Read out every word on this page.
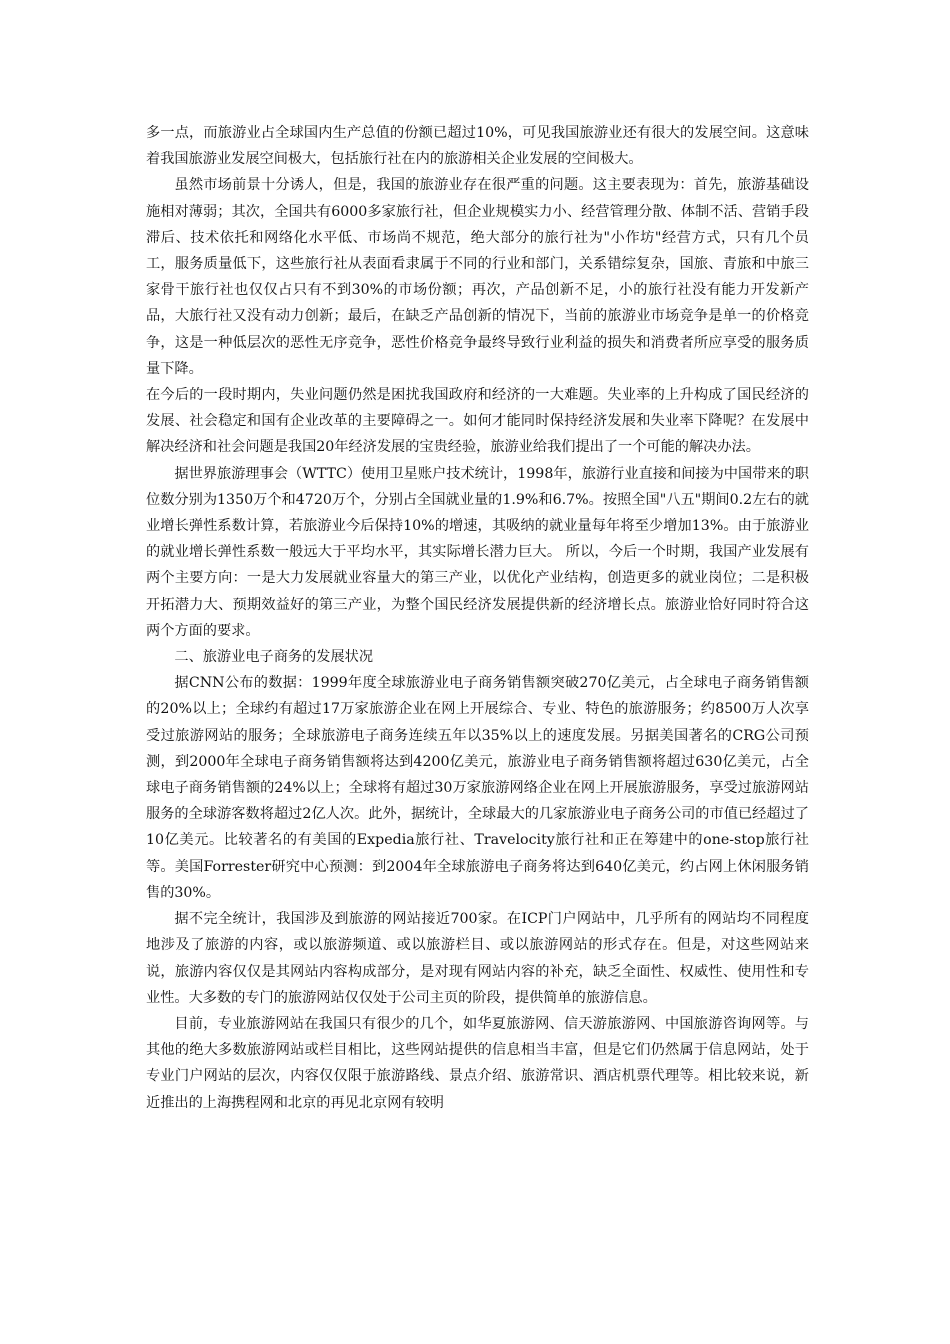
多一点，而旅游业占全球国内生产总值的份额已超过10%，可见我国旅游业还有很大的发展空间。这意味着我国旅游业发展空间极大，包括旅行社在内的旅游相关企业发展的空间极大。

虽然市场前景十分诱人，但是，我国的旅游业存在很严重的问题。这主要表现为：首先，旅游基础设施相对薄弱；其次，全国共有6000多家旅行社，但企业规模实力小、经营管理分散、体制不活、营销手段滞后、技术依托和网络化水平低、市场尚不规范，绝大部分的旅行社为"小作坊"经营方式，只有几个员工，服务质量低下，这些旅行社从表面看隶属于不同的行业和部门，关系错综复杂，国旅、青旅和中旅三家骨干旅行社也仅仅占只有不到30%的市场份额；再次，产品创新不足，小的旅行社没有能力开发新产品，大旅行社又没有动力创新；最后，在缺乏产品创新的情况下，当前的旅游业市场竞争是单一的价格竞争，这是一种低层次的恶性无序竞争，恶性价格竞争最终导致行业利益的损失和消费者所应享受的服务质量下降。

在今后的一段时期内，失业问题仍然是困扰我国政府和经济的一大难题。失业率的上升构成了国民经济的发展、社会稳定和国有企业改革的主要障碍之一。如何才能同时保持经济发展和失业率下降呢？在发展中解决经济和社会问题是我国20年经济发展的宝贵经验，旅游业给我们提出了一个可能的解决办法。

据世界旅游理事会（WTTC）使用卫星账户技术统计，1998年，旅游行业直接和间接为中国带来的职位数分别为1350万个和4720万个，分别占全国就业量的1.9%和6.7%。按照全国"八五"期间0.2左右的就业增长弹性系数计算，若旅游业今后保持10%的增速，其吸纳的就业量每年将至少增加13%。由于旅游业的就业增长弹性系数一般远大于平均水平，其实际增长潜力巨大。 所以，今后一个时期，我国产业发展有两个主要方向：一是大力发展就业容量大的第三产业，以优化产业结构，创造更多的就业岗位；二是积极开拓潜力大、预期效益好的第三产业，为整个国民经济发展提供新的经济增长点。旅游业恰好同时符合这两个方面的要求。

二、旅游业电子商务的发展状况

据CNN公布的数据：1999年度全球旅游业电子商务销售额突破270亿美元，占全球电子商务销售额的20%以上；全球约有超过17万家旅游企业在网上开展综合、专业、特色的旅游服务；约8500万人次享受过旅游网站的服务；全球旅游电子商务连续五年以35%以上的速度发展。另据美国著名的CRG公司预测，到2000年全球电子商务销售额将达到4200亿美元，旅游业电子商务销售额将超过630亿美元，占全球电子商务销售额的24%以上；全球将有超过30万家旅游网络企业在网上开展旅游服务，享受过旅游网站服务的全球游客数将超过2亿人次。此外，据统计，全球最大的几家旅游业电子商务公司的市值已经超过了10亿美元。比较著名的有美国的Expedia旅行社、Travelocity旅行社和正在筹建中的one-stop旅行社等。美国Forrester研究中心预测：到2004年全球旅游电子商务将达到640亿美元，约占网上休闲服务销售的30%。

据不完全统计，我国涉及到旅游的网站接近700家。在ICP门户网站中，几乎所有的网站均不同程度地涉及了旅游的内容，或以旅游频道、或以旅游栏目、或以旅游网站的形式存在。但是，对这些网站来说，旅游内容仅仅是其网站内容构成部分，是对现有网站内容的补充，缺乏全面性、权威性、使用性和专业性。大多数的专门的旅游网站仅仅处于公司主页的阶段，提供简单的旅游信息。

目前，专业旅游网站在我国只有很少的几个，如华夏旅游网、信天游旅游网、中国旅游咨询网等。与其他的绝大多数旅游网站或栏目相比，这些网站提供的信息相当丰富，但是它们仍然属于信息网站，处于专业门户网站的层次，内容仅仅限于旅游路线、景点介绍、旅游常识、酒店机票代理等。相比较来说，新近推出的上海携程网和北京的再见北京网有较明
